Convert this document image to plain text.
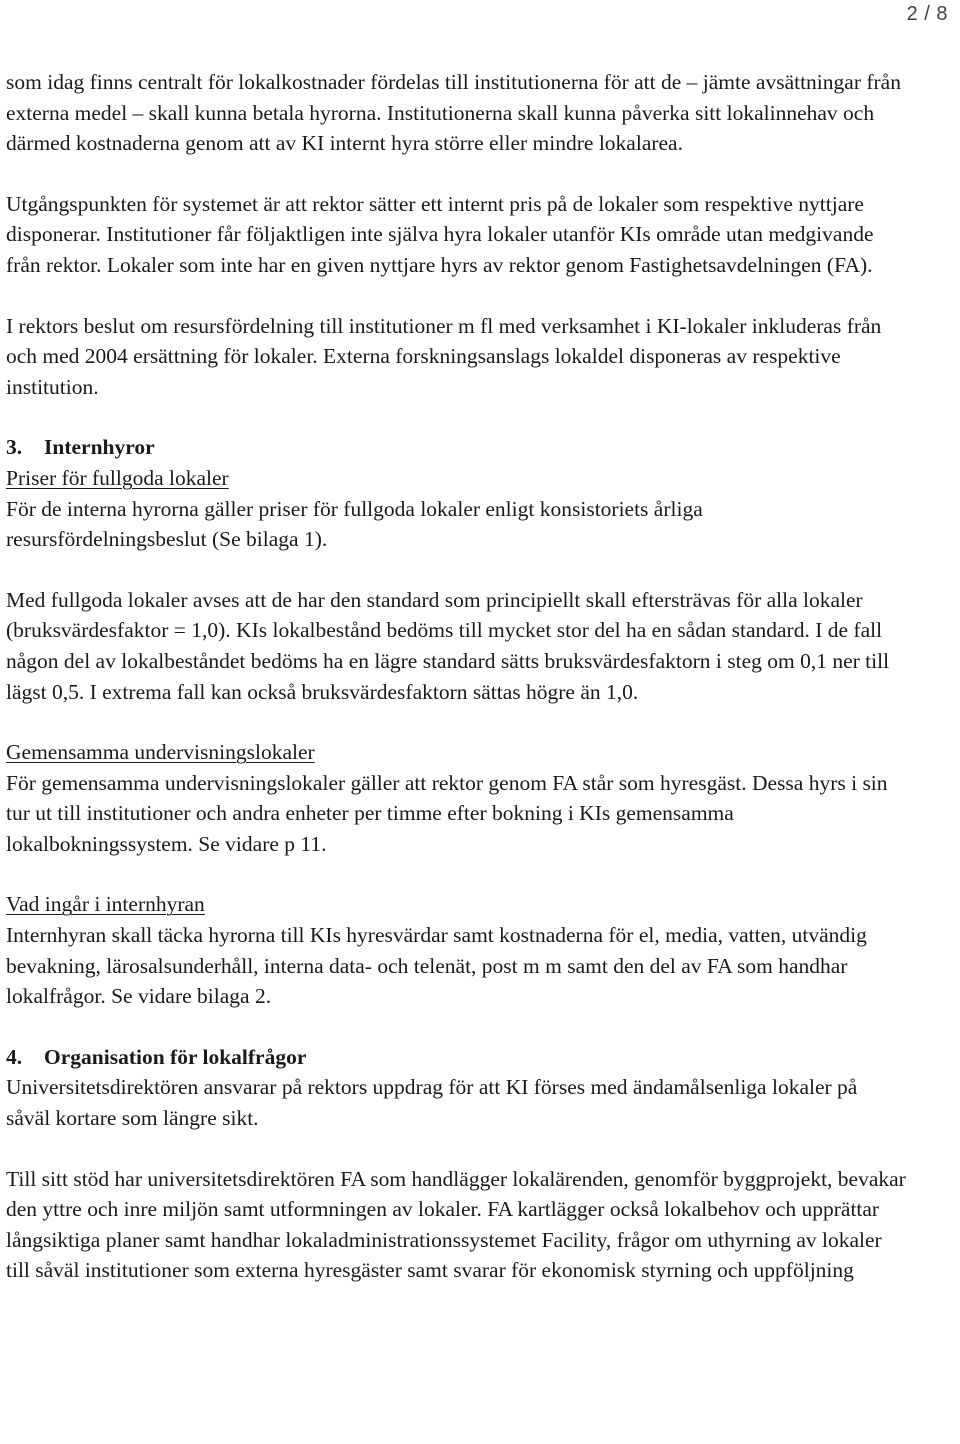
2 / 8

som idag finns centralt för lokalkostnader fördelas till institutionerna för att de – jämte avsättningar från externa medel – skall kunna betala hyrorna. Institutionerna skall kunna påverka sitt lokalinnehav och därmed kostnaderna genom att av KI internt hyra större eller mindre lokalarea.

Utgångspunkten för systemet är att rektor sätter ett internt pris på de lokaler som respektive nyttjare disponerar. Institutioner får följaktligen inte själva hyra lokaler utanför KIs område utan medgivande från rektor. Lokaler som inte har en given nyttjare hyrs av rektor genom Fastighetsavdelningen (FA).

I rektors beslut om resursfördelning till institutioner m fl med verksamhet i KI-lokaler inkluderas från och med 2004 ersättning för lokaler. Externa forskningsanslags lokaldel disponeras av respektive institution.

3. Internhyror

Priser för fullgoda lokaler

För de interna hyrorna gäller priser för fullgoda lokaler enligt konsistoriets årliga resursfördelningsbeslut (Se bilaga 1).

Med fullgoda lokaler avses att de har den standard som principiellt skall eftersträvas för alla lokaler (bruksvärdesfaktor = 1,0). KIs lokalbestånd bedöms till mycket stor del ha en sådan standard. I de fall någon del av lokalbeståndet bedöms ha en lägre standard sätts bruksvärdesfaktorn i steg om 0,1 ner till lägst 0,5. I extrema fall kan också bruksvärdesfaktorn sättas högre än 1,0.

Gemensamma undervisningslokaler

För gemensamma undervisningslokaler gäller att rektor genom FA står som hyresgäst. Dessa hyrs i sin tur ut till institutioner och andra enheter per timme efter bokning i KIs gemensamma lokalbokningssystem. Se vidare p 11.

Vad ingår i internhyran

Internhyran skall täcka hyrorna till KIs hyresvärdar samt kostnaderna för el, media, vatten, utvändig bevakning, lärosalsunderhåll, interna data- och telenät, post m m samt den del av FA som handhar lokalfrågor. Se vidare bilaga 2.

4. Organisation för lokalfrågor

Universitetsdirektören ansvarar på rektors uppdrag för att KI förses med ändamålsenliga lokaler på såväl kortare som längre sikt.

Till sitt stöd har universitetsdirektören FA som handlägger lokalärenden, genomför byggprojekt, bevakar den yttre och inre miljön samt utformningen av lokaler. FA kartlägger också lokalbehov och upprättar långsiktiga planer samt handhar lokaladministrationssystemet Facility, frågor om uthyrning av lokaler till såväl institutioner som externa hyresgäster samt svarar för ekonomisk styrning och uppföljning
